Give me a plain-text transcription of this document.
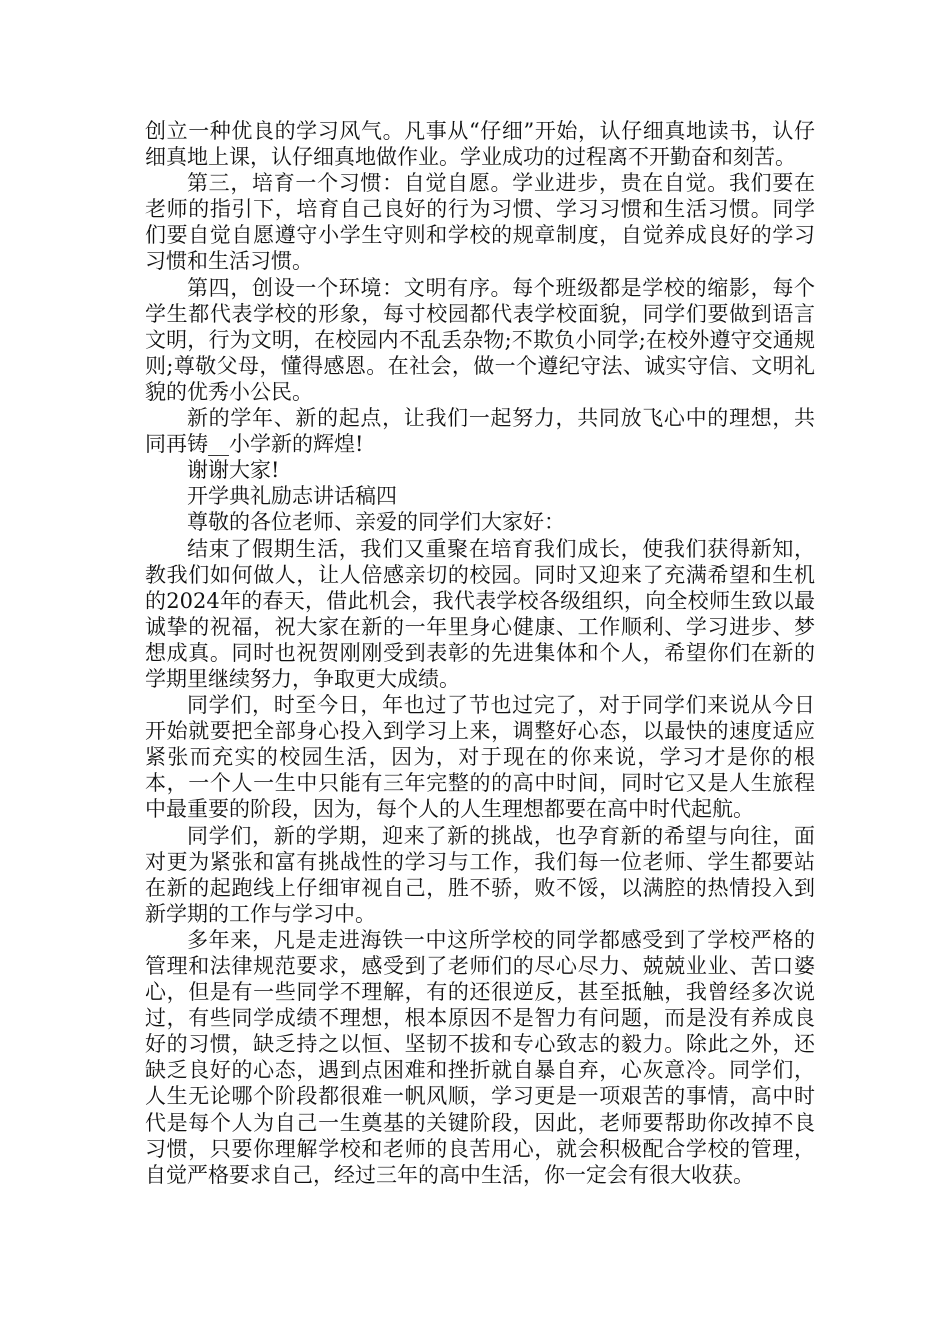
创立一种优良的学习风气。凡事从“仔细”开始，认仔细真地读书，认仔细真地上课，认仔细真地做作业。学业成功的过程离不开勤奋和刻苦。

第三，培育一个习惯：自觉自愿。学业进步，贵在自觉。我们要在老师的指引下，培育自己良好的行为习惯、学习习惯和生活习惯。同学们要自觉自愿遵守小学生守则和学校的规章制度，自觉养成良好的学习习惯和生活习惯。

第四，创设一个环境：文明有序。每个班级都是学校的缩影，每个学生都代表学校的形象，每寸校园都代表学校面貌，同学们要做到语言文明，行为文明，在校园内不乱丢杂物;不欺负小同学;在校外遵守交通规则;尊敬父母，懂得感恩。在社会，做一个遵纪守法、诚实守信、文明礼貌的优秀小公民。

新的学年、新的起点，让我们一起努力，共同放飞心中的理想，共同再铸__小学新的辉煌!

谢谢大家!

开学典礼励志讲话稿四

尊敬的各位老师、亲爱的同学们大家好：

结束了假期生活，我们又重聚在培育我们成长，使我们获得新知，教我们如何做人，让人倍感亲切的校园。同时又迎来了充满希望和生机的2024年的春天，借此机会，我代表学校各级组织，向全校师生致以最诚挚的祝福，祝大家在新的一年里身心健康、工作顺利、学习进步、梦想成真。同时也祝贺刚刚受到表彰的先进集体和个人，希望你们在新的学期里继续努力，争取更大成绩。

同学们，时至今日，年也过了节也过完了，对于同学们来说从今日开始就要把全部身心投入到学习上来，调整好心态，以最快的速度适应紧张而充实的校园生活，因为，对于现在的你来说，学习才是你的根本，一个人一生中只能有三年完整的的高中时间，同时它又是人生旅程中最重要的阶段，因为，每个人的人生理想都要在高中时代起航。

同学们，新的学期，迎来了新的挑战，也孕育新的希望与向往，面对更为紧张和富有挑战性的学习与工作，我们每一位老师、学生都要站在新的起跑线上仔细审视自己，胜不骄，败不馁，以满腔的热情投入到新学期的工作与学习中。

多年来，凡是走进海铁一中这所学校的同学都感受到了学校严格的管理和法律规范要求，感受到了老师们的尽心尽力、兢兢业业、苦口婆心，但是有一些同学不理解，有的还很逆反，甚至抵触，我曾经多次说过，有些同学成绩不理想，根本原因不是智力有问题，而是没有养成良好的习惯，缺乏持之以恒、坚韧不拔和专心致志的毅力。除此之外，还缺乏良好的心态，遇到点困难和挫折就自暴自弃，心灰意冷。同学们，人生无论哪个阶段都很难一帆风顺，学习更是一项艰苦的事情，高中时代是每个人为自己一生奠基的关键阶段，因此，老师要帮助你改掉不良习惯，只要你理解学校和老师的良苦用心，就会积极配合学校的管理，自觉严格要求自己，经过三年的高中生活，你一定会有很大收获。
